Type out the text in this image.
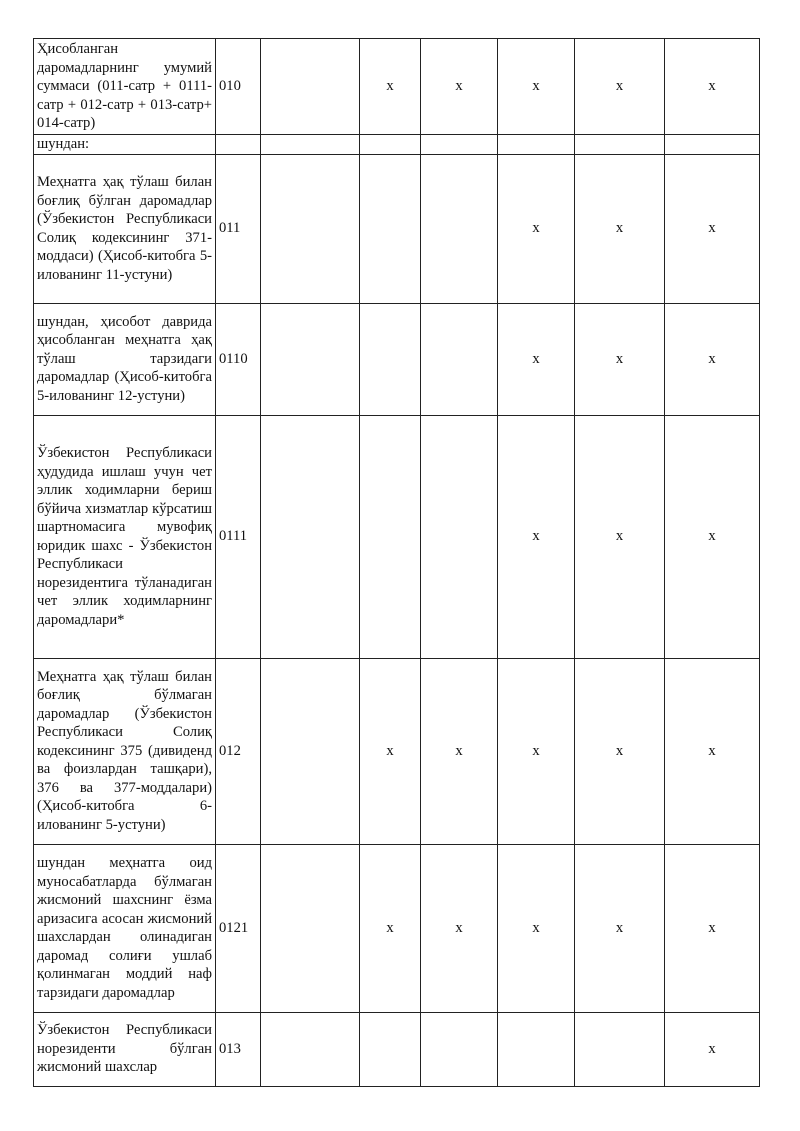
Ҳисобланган даромадларнинг умумий суммаси (011-сатр + 0111-сатр + 012-сатр + 013-сатр+ 014-сатр)	010		x	x	x	x	x
шундан:							
Меҳнатга ҳақ тўлаш билан боғлиқ бўлган даромадлар (Ўзбекистон Республикаси Солиқ кодексининг 371-моддаси) (Ҳисоб-китобга 5-илованинг 11-устуни)	011				x	x	x
шундан, ҳисобот даврида ҳисобланган меҳнатга ҳақ тўлаш тарзидаги даромадлар (Ҳисоб-китобга 5-илованинг 12-устуни)	0110				x	x	x
Ўзбекистон Республикаси ҳудудида ишлаш учун чет эллик ходимларни бериш бўйича хизматлар кўрсатиш шартномасига мувофиқ юридик шахс - Ўзбекистон Республикаси норезидентига тўланадиган чет эллик ходимларнинг даромадлари*	0111				x	x	x
Меҳнатга ҳақ тўлаш билан боғлиқ бўлмаган даромадлар (Ўзбекистон Республикаси Солиқ кодексининг 375 (дивиденд ва фоизлардан ташқари), 376 ва 377-моддалари) (Ҳисоб-китобга 6-илованинг 5-устуни)	012		x	x	x	x	x
шундан меҳнатга оид муносабатларда бўлмаган жисмоний шахснинг ёзма аризасига асосан жисмоний шахслардан олинадиган даромад солиғи ушлаб қолинмаган моддий наф тарзидаги даромадлар	0121		x	x	x	x	x
Ўзбекистон Республикаси норезиденти бўлган жисмоний шахслар	013						x
